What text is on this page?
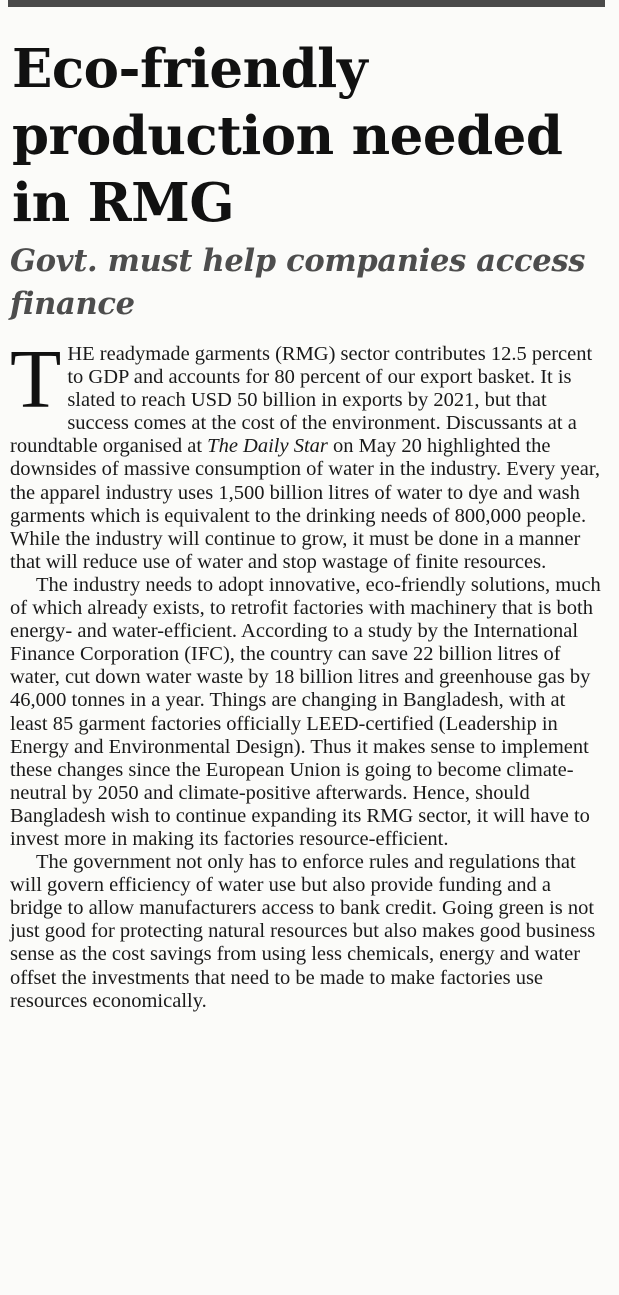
Eco-friendly
production needed
in RMG
Govt. must help companies access
finance

THE readymade garments (RMG) sector contributes 12.5 percent to GDP and accounts for 80 percent of our export basket. It is slated to reach USD 50 billion in exports by 2021, but that success comes at the cost of the environment. Discussants at a roundtable organised at The Daily Star on May 20 highlighted the downsides of massive consumption of water in the industry. Every year, the apparel industry uses 1,500 billion litres of water to dye and wash garments which is equivalent to the drinking needs of 800,000 people. While the industry will continue to grow, it must be done in a manner that will reduce use of water and stop wastage of finite resources.

The industry needs to adopt innovative, eco-friendly solutions, much of which already exists, to retrofit factories with machinery that is both energy- and water-efficient. According to a study by the International Finance Corporation (IFC), the country can save 22 billion litres of water, cut down water waste by 18 billion litres and greenhouse gas by 46,000 tonnes in a year. Things are changing in Bangladesh, with at least 85 garment factories officially LEED-certified (Leadership in Energy and Environmental Design). Thus it makes sense to implement these changes since the European Union is going to become climate-neutral by 2050 and climate-positive afterwards. Hence, should Bangladesh wish to continue expanding its RMG sector, it will have to invest more in making its factories resource-efficient.

The government not only has to enforce rules and regulations that will govern efficiency of water use but also provide funding and a bridge to allow manufacturers access to bank credit. Going green is not just good for protecting natural resources but also makes good business sense as the cost savings from using less chemicals, energy and water offset the investments that need to be made to make factories use resources economically.
